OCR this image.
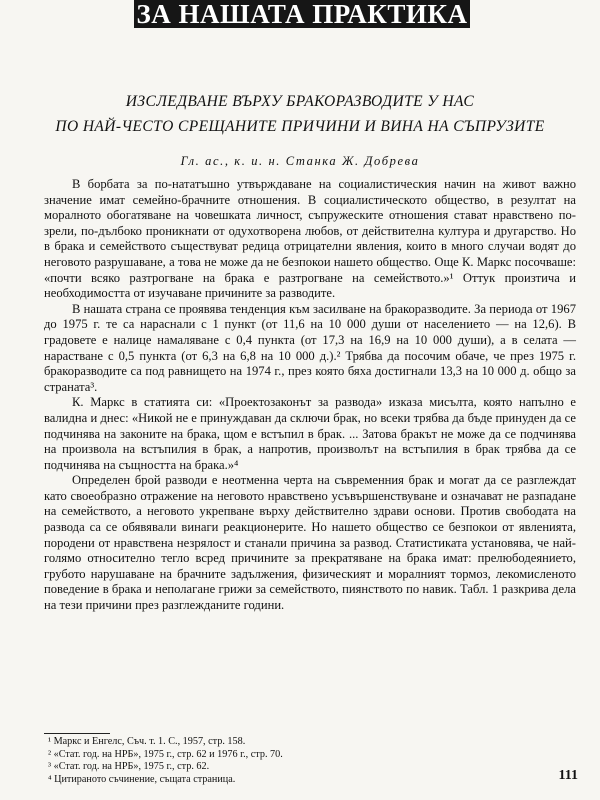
ЗА НАШАТА ПРАКТИКА
ИЗСЛЕДВАНЕ ВЪРХУ БРАКОРАЗВОДИТЕ У НАС
ПО НАЙ-ЧЕСТО СРЕЩАНИТЕ ПРИЧИНИ И ВИНА НА СЪПРУЗИТЕ
Гл. ас., к. и. н. Станка Ж. Добрева

В борбата за по-нататъшно утвърждаване на социалистическия начин на живот важно значение имат семейно-брачните отношения. В социалистическото общество, в резултат на моралното обогатяване на човешката личност, съпружеските отношения стават нравствено по-зрели, по-дълбоко проникнати от одухотворена любов, от действителна култура и другарство. Но в брака и семейството съществуват редица отрицателни явления, които в много случаи водят до неговото разрушаване, а това не може да не безпокои нашето общество. Още К. Маркс посочваше: «почти всяко разтрогване на брака е разтрогване на семейството.»¹ Оттук произтича и необходимостта от изучаване причините за разводите.

В нашата страна се проявява тенденция към засилване на бракоразводите. За периода от 1967 до 1975 г. те са нараснали с 1 пункт (от 11,6 на 10 000 души от населението — на 12,6). В градовете е налице намаляване с 0,4 пункта (от 17,3 на 16,9 на 10 000 души), а в селата — нарастване с 0,5 пункта (от 6,3 на 6,8 на 10 000 д.).² Трябва да посочим обаче, че през 1975 г. бракоразводите са под равнището на 1974 г., през която бяха достигнали 13,3 на 10 000 д. общо за страната³.

К. Маркс в статията си: «Проектозаконът за развода» изказа мисълта, която напълно е валидна и днес: «Никой не е принуждаван да сключи брак, но всеки трябва да бъде принуден да се подчинява на законите на брака, щом е встъпил в брак. ... Затова бракът не може да се подчинява на произвола на встъпилия в брак, а напротив, произволът на встъпилия в брак трябва да се подчинява на същността на брака.»⁴

Определен брой разводи е неотменна черта на съвременния брак и могат да се разглеждат като своеобразно отражение на неговото нравствено усъвършенствуване и означават не разпадане на семейството, а неговото укрепване върху действително здрави основи. Против свободата на развода са се обявявали винаги реакционерите. Но нашето общество се безпокои от явленията, породени от нравствена незрялост и станали причина за развод. Статистиката установява, че най-голямо относително тегло всред причините за прекратяване на брака имат: прелюбодеянието, грубото нарушаване на брачните задължения, физическият и моралният тормоз, лекомисленото поведение в брака и неполагане грижи за семейството, пиянството по навик. Табл. 1 разкрива дела на тези причини през разглежданите години.

¹ Маркс и Енгелс, Съч. т. 1. С., 1957, стр. 158.
² «Стат. год. на НРБ», 1975 г., стр. 62 и 1976 г., стр. 70.
³ «Стат. год. на НРБ», 1975 г., стр. 62.
⁴ Цитираното съчинение, същата страница.	111
